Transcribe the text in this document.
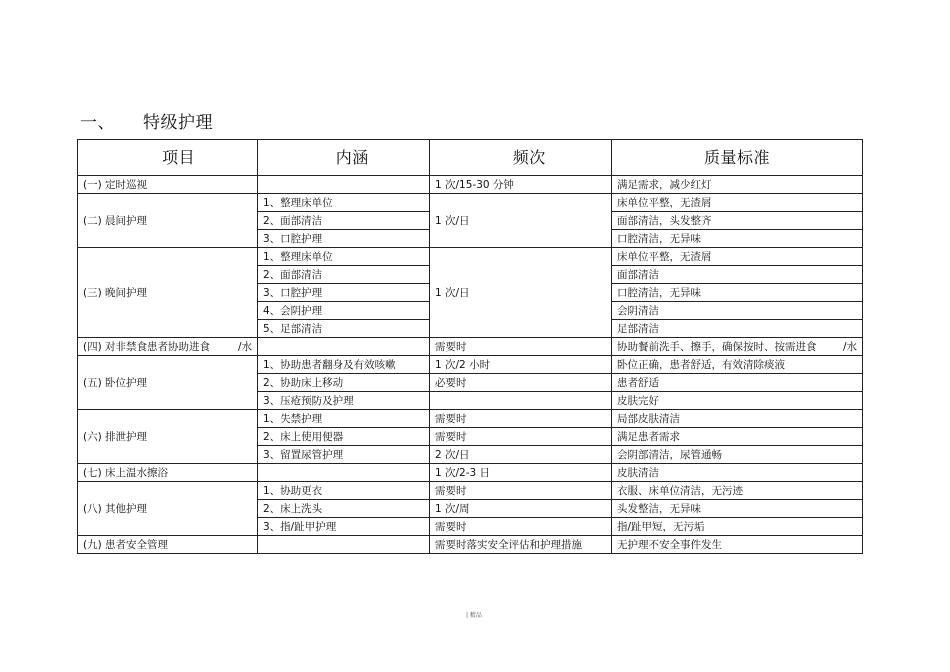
一、 特级护理
项目	内涵	频次	质量标准
(一) 定时巡视		1 次/15-30 分钟	满足需求，减少红灯
(二) 晨间护理	1、整理床单位	1 次/日	床单位平整，无渣屑
	2、面部清洁		面部清洁，头发整齐
	3、口腔护理		口腔清洁，无异味
(三) 晚间护理	1、整理床单位	1 次/日	床单位平整，无渣屑
	2、面部清洁		面部清洁
	3、口腔护理		口腔清洁，无异味
	4、会阴护理		会阴清洁
	5、足部清洁		足部清洁

(四) 对非禁食患者协助进食 /水		需要时	协助餐前洗手、擦手，确保按时、按需进食 /水

(五) 卧位护理	1、协助患者翻身及有效咳嗽	1 次/2 小时	卧位正确，患者舒适，有效清除痰液
	2、协助床上移动	必要时	患者舒适
	3、压疮预防及护理		皮肤完好
(六) 排泄护理	1、失禁护理	需要时	局部皮肤清洁
	2、床上使用便器	需要时	满足患者需求
	3、留置尿管护理	2 次/日	会阴部清洁，尿管通畅
(七) 床上温水擦浴		1 次/2-3 日	皮肤清洁
(八) 其他护理	1、协助更衣	需要时	衣服、床单位清洁，无污迹
	2、床上洗头	1 次/周	头发整洁，无异味
	3、指/趾甲护理	需要时	指/趾甲短，无污垢
(九) 患者安全管理		需要时落实安全评估和护理措施	无护理不安全事件发生
| 精品
